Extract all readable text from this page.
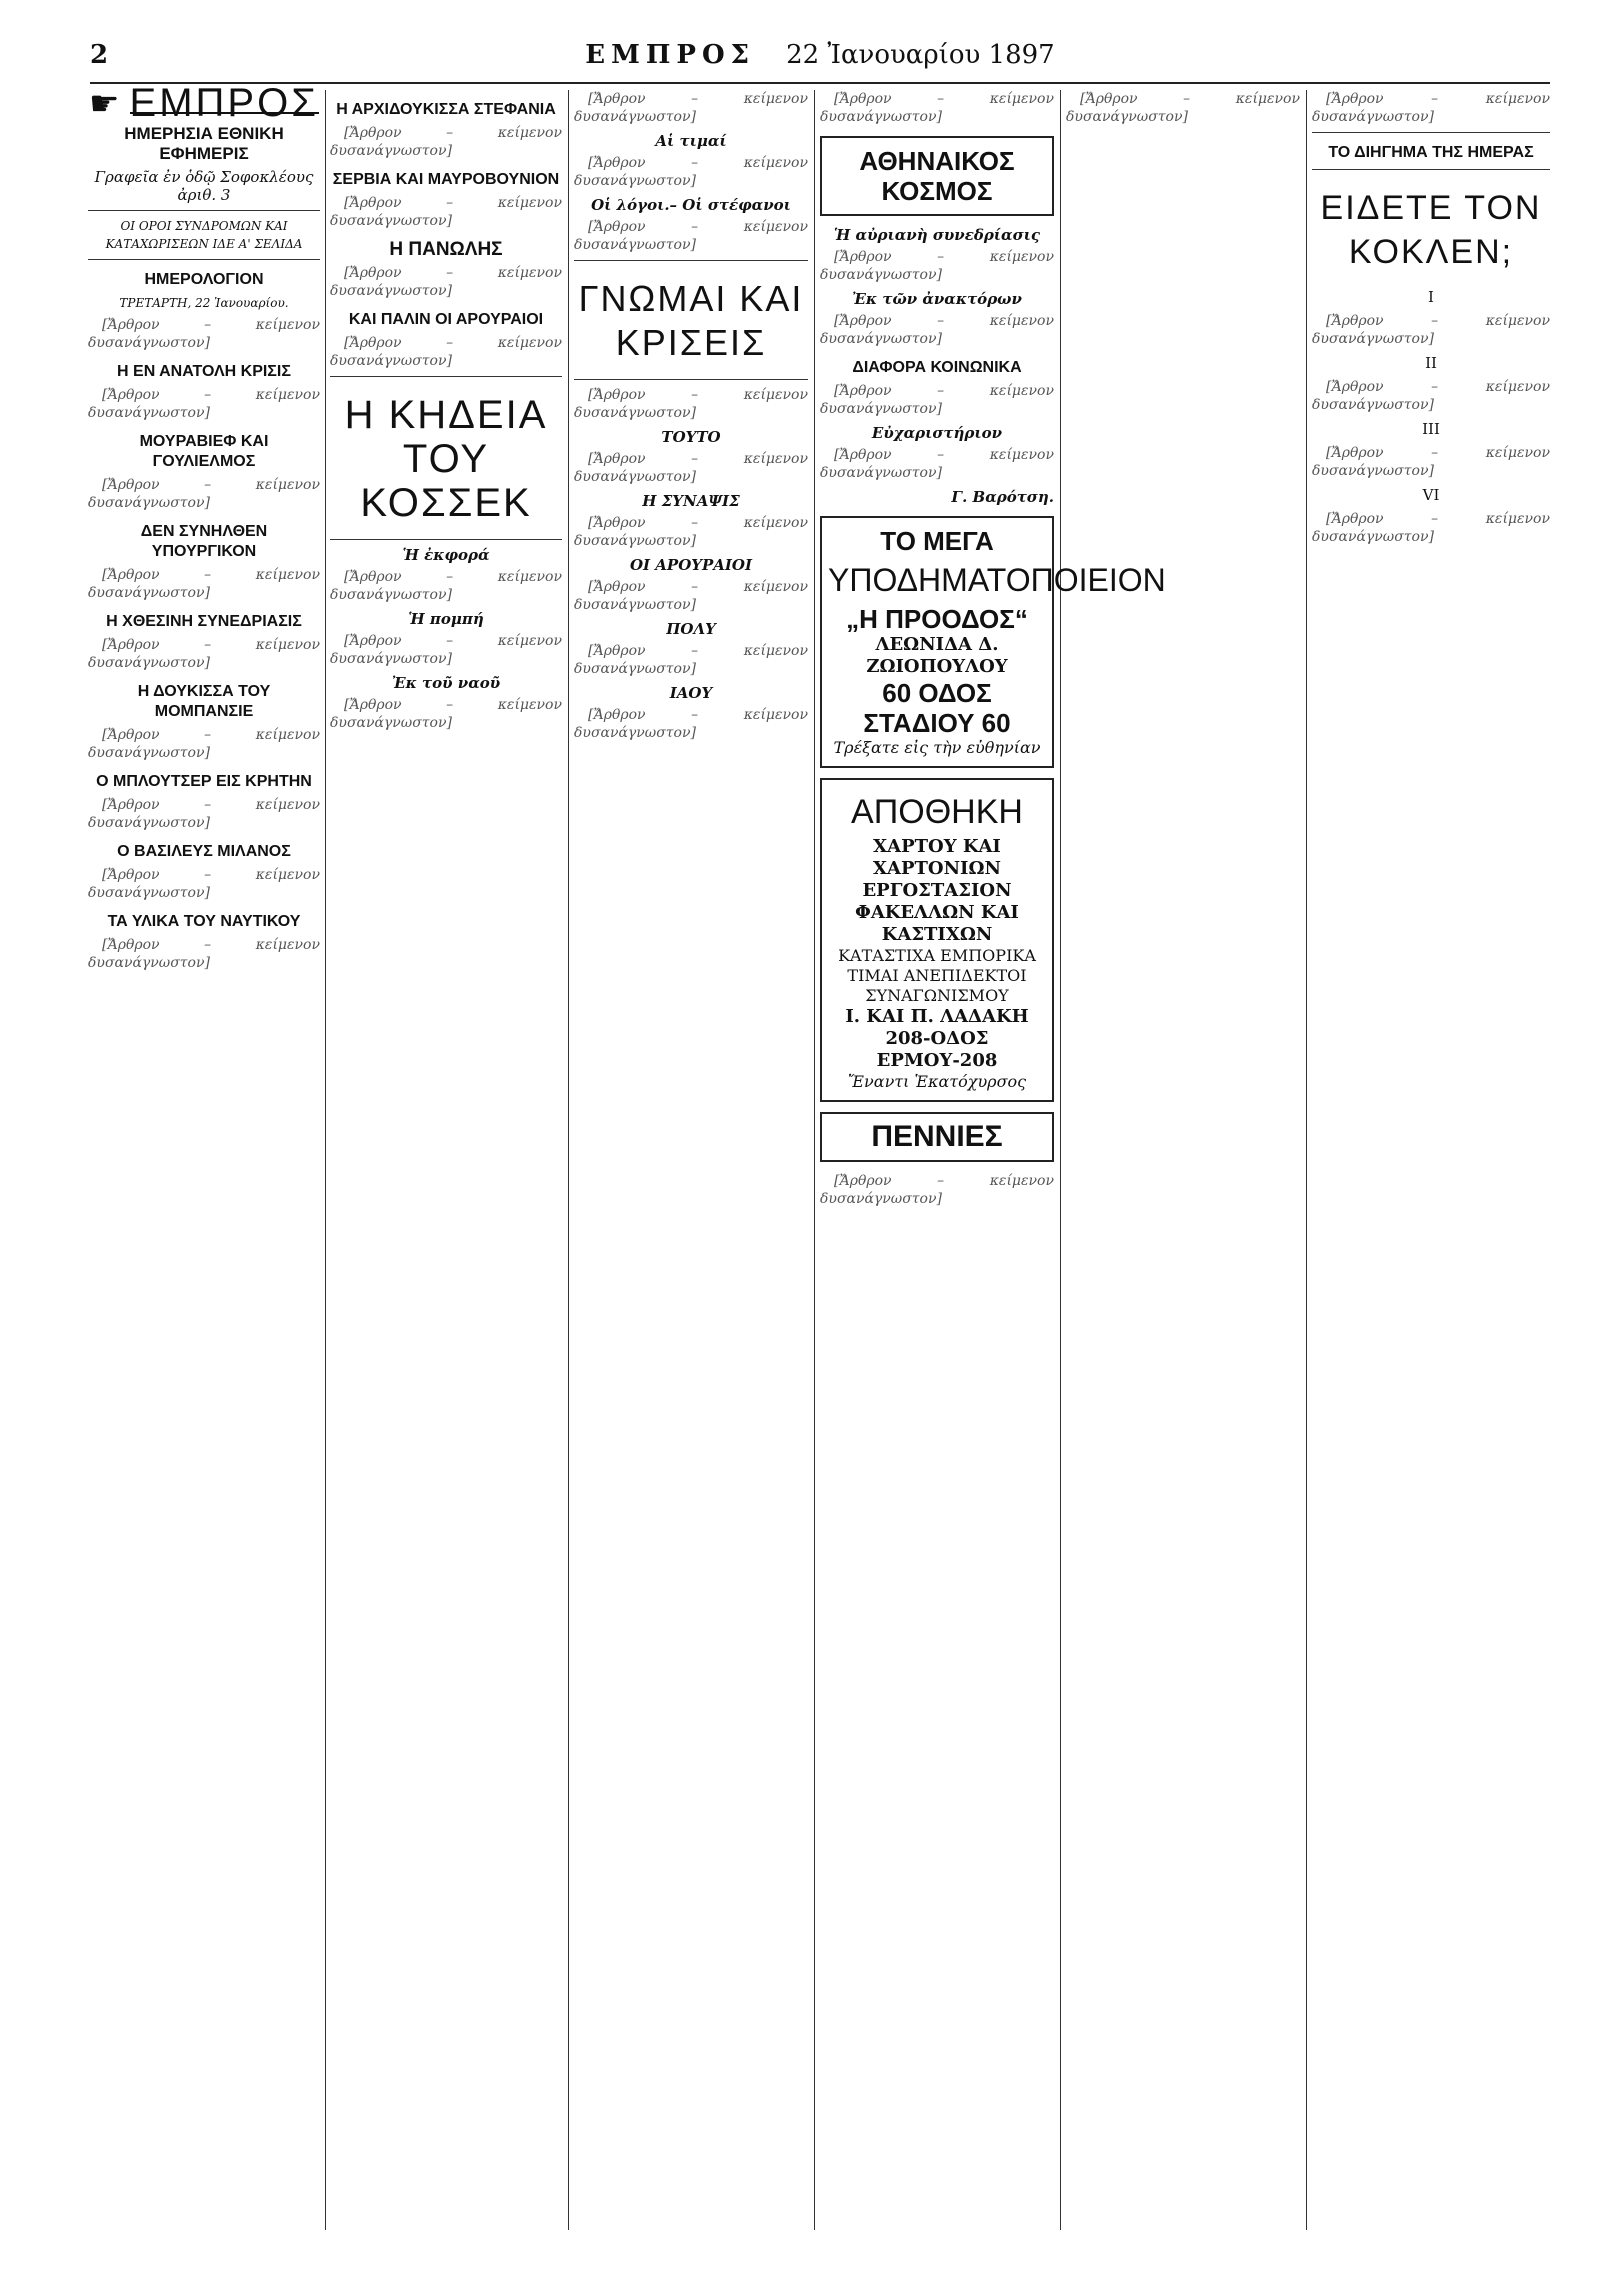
2	ΕΜΠΡΟΣ 22 Ἰανουαρίου 1897
☛ ΕΜΠΡΟΣ
ΗΜΕΡΗΣΙΑ ΕΘΝΙΚΗ ΕΦΗΜΕΡΙΣ
Γραφεῖα ἐν ὁδῷ Σοφοκλέους ἀριθ. 3
ΟΙ ΟΡΟΙ ΣΥΝΔΡΟΜΩΝ ΚΑΙ ΚΑΤΑΧΩΡΙΣΕΩΝ ΙΔΕ Α' ΣΕΛΙΔΑ
ΗΜΕΡΟΛΟΓΙΟΝ
ΤΡΕΤΑΡΤΗ, 22 Ἰανουαρίου.

[Ἄρθρον – κείμενον δυσανάγνωστον]

Η ΕΝ ΑΝΑΤΟΛΗ ΚΡΙΣΙΣ

[Ἄρθρον – κείμενον δυσανάγνωστον]

ΜΟΥΡΑΒΙΕΦ ΚΑΙ ΓΟΥΛΙΕΛΜΟΣ

[Ἄρθρον – κείμενον δυσανάγνωστον]

ΔΕΝ ΣΥΝΗΛΘΕΝ ΥΠΟΥΡΓΙΚΟΝ

[Ἄρθρον – κείμενον δυσανάγνωστον]

Η ΧΘΕΣΙΝΗ ΣΥΝΕΔΡΙΑΣΙΣ

[Ἄρθρον – κείμενον δυσανάγνωστον]

Η ΔΟΥΚΙΣΣΑ ΤΟΥ ΜΟΜΠΑΝΣΙΕ

[Ἄρθρον – κείμενον δυσανάγνωστον]

Ο ΜΠΛΟΥΤΣΕΡ ΕΙΣ ΚΡΗΤΗΝ

[Ἄρθρον – κείμενον δυσανάγνωστον]

Ο ΒΑΣΙΛΕΥΣ ΜΙΛΑΝΟΣ

[Ἄρθρον – κείμενον δυσανάγνωστον]

ΤΑ ΥΛΙΚΑ ΤΟΥ ΝΑΥΤΙΚΟΥ

[Ἄρθρον – κείμενον δυσανάγνωστον]

Η ΑΡΧΙΔΟΥΚΙΣΣΑ ΣΤΕΦΑΝΙΑ

[Ἄρθρον – κείμενον δυσανάγνωστον]

ΣΕΡΒΙΑ ΚΑΙ ΜΑΥΡΟΒΟΥΝΙΟΝ

[Ἄρθρον – κείμενον δυσανάγνωστον]

Η ΠΑΝΩΛΗΣ

[Ἄρθρον – κείμενον δυσανάγνωστον]

ΚΑΙ ΠΑΛΙΝ ΟΙ ΑΡΟΥΡΑΙΟΙ

[Ἄρθρον – κείμενον δυσανάγνωστον]

Η ΚΗΔΕΙΑ ΤΟΥ ΚΟΣΣΕΚ
Ἡ ἐκφορά

[Ἄρθρον – κείμενον δυσανάγνωστον]

Ἡ πομπή

[Ἄρθρον – κείμενον δυσανάγνωστον]

Ἐκ τοῦ ναοῦ

[Ἄρθρον – κείμενον δυσανάγνωστον]

[Ἄρθρον – κείμενον δυσανάγνωστον]

Αἱ τιμαί

[Ἄρθρον – κείμενον δυσανάγνωστον]

Οἱ λόγοι.– Οἱ στέφανοι

[Ἄρθρον – κείμενον δυσανάγνωστον]

ΓΝΩΜΑΙ ΚΑΙ ΚΡΙΣΕΙΣ

[Ἄρθρον – κείμενον δυσανάγνωστον]

ΤΟΥΤΟ

[Ἄρθρον – κείμενον δυσανάγνωστον]

Η ΣΥΝΑΨΙΣ

[Ἄρθρον – κείμενον δυσανάγνωστον]

ΟΙ ΑΡΟΥΡΑΙΟΙ

[Ἄρθρον – κείμενον δυσανάγνωστον]

ΠΟΛΥ

[Ἄρθρον – κείμενον δυσανάγνωστον]

ΙΑΟΥ

[Ἄρθρον – κείμενον δυσανάγνωστον]

[Ἄρθρον – κείμενον δυσανάγνωστον]

ΑΘΗΝΑΙΚΟΣ ΚΟΣΜΟΣ
Ἡ αὐριανὴ συνεδρίασις

[Ἄρθρον – κείμενον δυσανάγνωστον]

Ἐκ τῶν ἀνακτόρων

[Ἄρθρον – κείμενον δυσανάγνωστον]

ΔΙΑΦΟΡΑ ΚΟΙΝΩΝΙΚΑ

[Ἄρθρον – κείμενον δυσανάγνωστον]

Εὐχαριστήριον

[Ἄρθρον – κείμενον δυσανάγνωστον]

Γ. Βαρότση.
ΤΟ ΜΕΓΑ
ΥΠΟΔΗΜΑΤΟΠΟΙΕΙΟΝ
„Η ΠΡΟΟΔΟΣ“
ΛΕΩΝΙΔΑ Δ. ΖΩΙΟΠΟΥΛΟΥ
60 ΟΔΟΣ ΣΤΑΔΙΟΥ 60
Τρέξατε εἰς τὴν εὐθηνίαν
ΑΠΟΘΗΚΗ
ΧΑΡΤΟΥ ΚΑΙ ΧΑΡΤΟΝΙΩΝ
ΕΡΓΟΣΤΑΣΙΟΝ
ΦΑΚΕΛΛΩΝ ΚΑΙ ΚΑΣΤΙΧΩΝ
ΚΑΤΑΣΤΙΧΑ ΕΜΠΟΡΙΚΑ
ΤΙΜΑΙ ΑΝΕΠΙΔΕΚΤΟΙ ΣΥΝΑΓΩΝΙΣΜΟΥ
Ι. ΚΑΙ Π. ΛΑΔΑΚΗ
208-ΟΔΟΣ ΕΡΜΟΥ-208
Ἔναντι Ἑκατόχυρσος
ΠΕΝΝΙΕΣ

[Ἄρθρον – κείμενον δυσανάγνωστον]

[Ἄρθρον – κείμενον δυσανάγνωστον]

[Ἄρθρον – κείμενον δυσανάγνωστον]

ΤΟ ΔΙΗΓΗΜΑ ΤΗΣ ΗΜΕΡΑΣ
ΕΙΔΕΤΕ ΤΟΝ ΚΟΚΛΕΝ;
I

[Ἄρθρον – κείμενον δυσανάγνωστον]

II

[Ἄρθρον – κείμενον δυσανάγνωστον]

III

[Ἄρθρον – κείμενον δυσανάγνωστον]

VI

[Ἄρθρον – κείμενον δυσανάγνωστον]
